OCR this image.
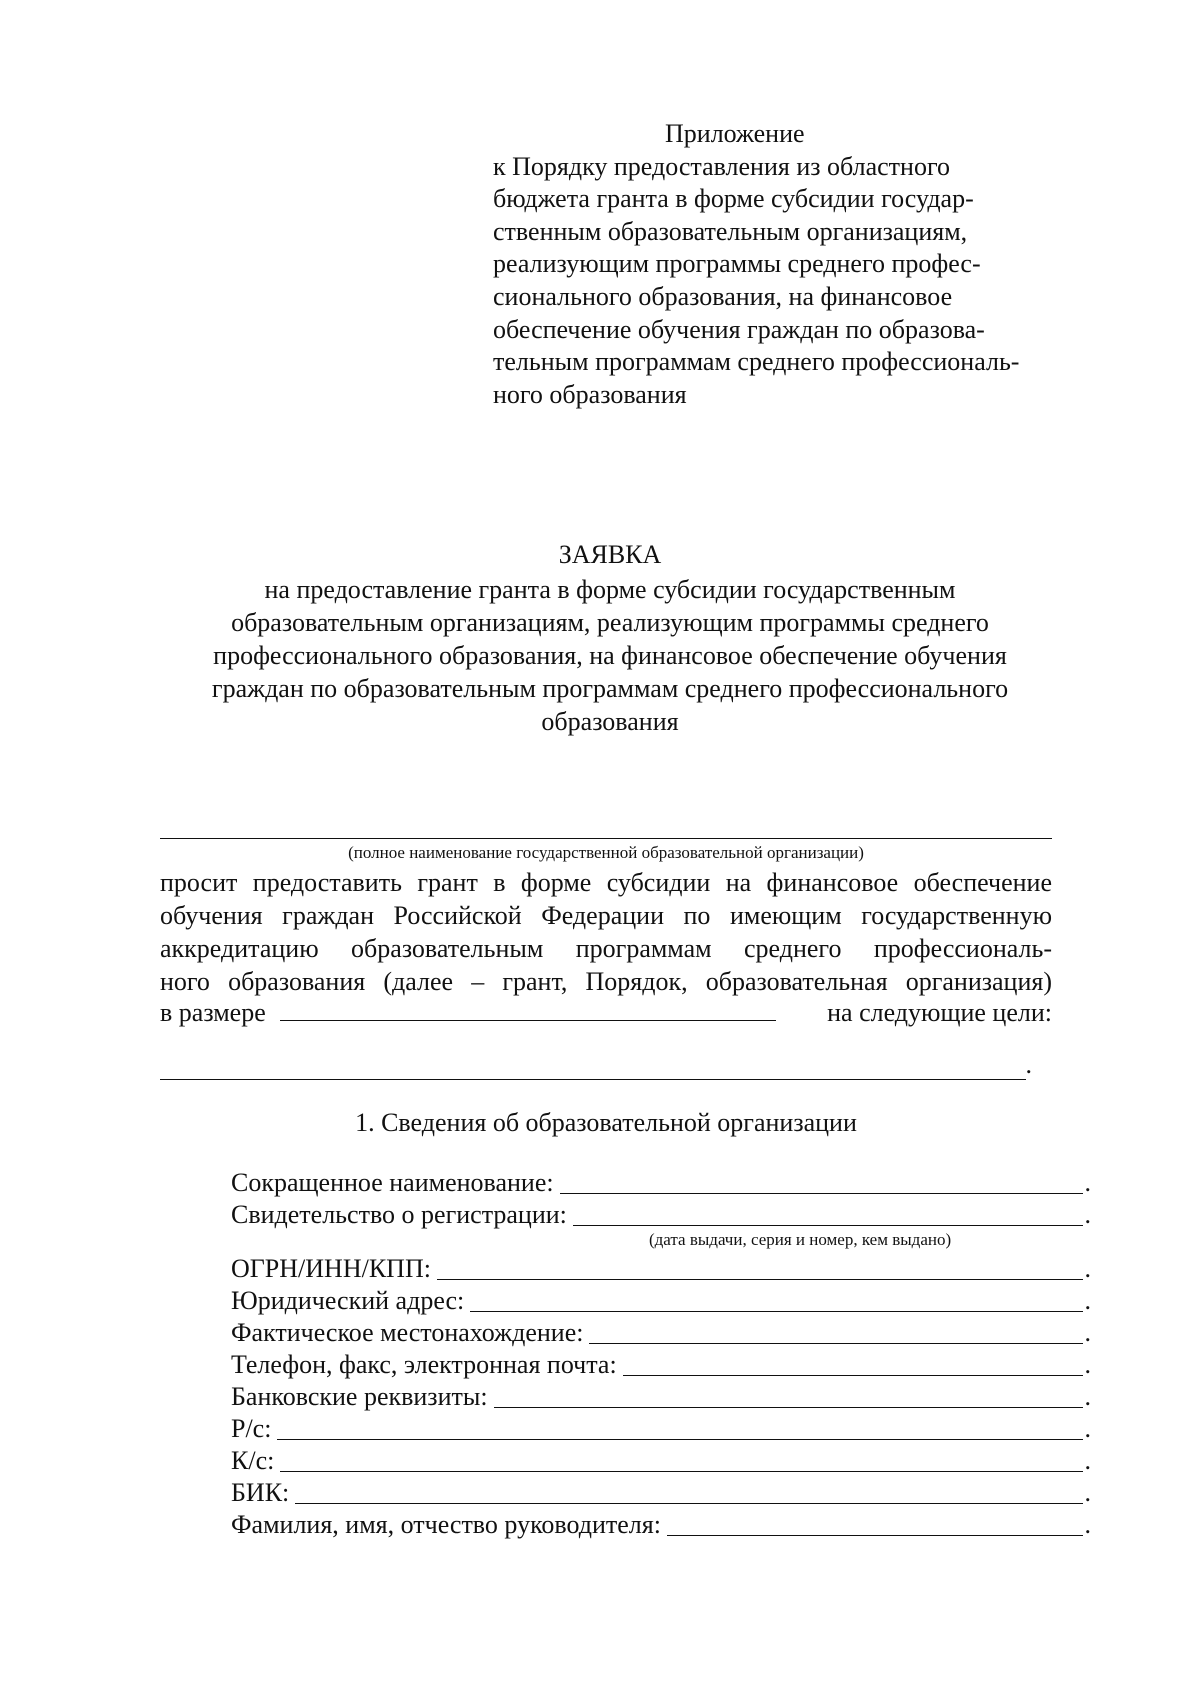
Приложение
к Порядку предоставления из областного
бюджета гранта в форме субсидии государ-
ственным образовательным организациям,
реализующим программы среднего профес-
сионального образования, на финансовое
обеспечение обучения граждан по образова-
тельным программам среднего профессиональ-
ного образования
ЗАЯВКА
на предоставление гранта в форме субсидии государственным
образовательным организациям, реализующим программы среднего
профессионального образования, на финансовое обеспечение обучения
граждан по образовательным программам среднего профессионального
образования
(полное наименование государственной образовательной организации)
просит предоставить грант в форме субсидии на финансовое обеспечение
обучения граждан Российской Федерации по имеющим государственную
аккредитацию образовательным программам среднего профессиональ-
ного образования (далее – грант, Порядок, образовательная организация)
в размере	на следующие цели:
.
1. Сведения об образовательной организации
Сокращенное наименование:	.
Свидетельство о регистрации:	.
(дата выдачи, серия и номер, кем выдано)
ОГРН/ИНН/КПП:	.
Юридический адрес:	.
Фактическое местонахождение:	.
Телефон, факс, электронная почта:	.
Банковские реквизиты:	.
Р/с:	.
К/с:	.
БИК:	.
Фамилия, имя, отчество руководителя:	.
